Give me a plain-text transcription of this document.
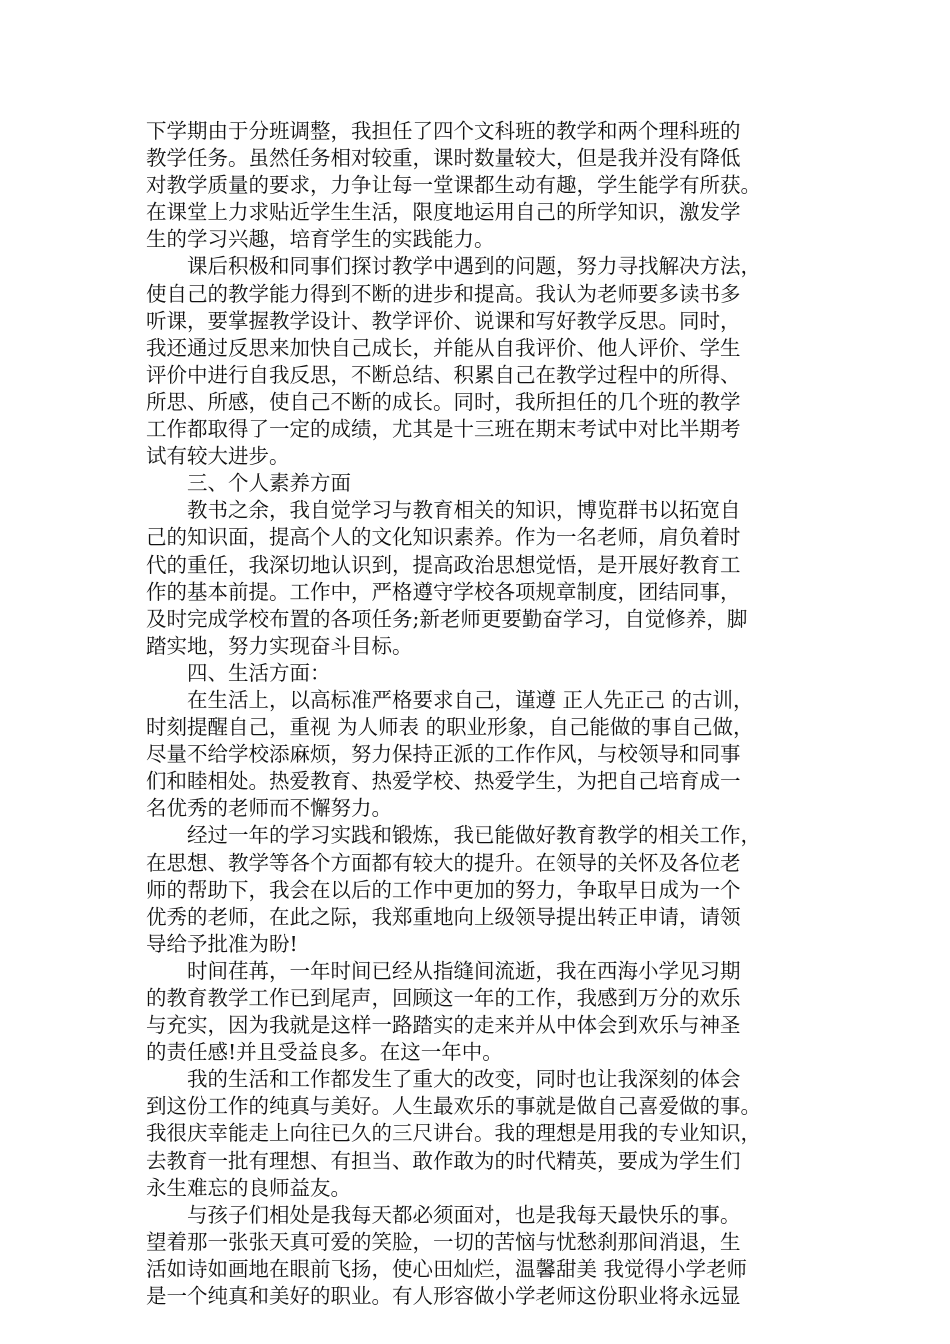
下学期由于分班调整，我担任了四个文科班的教学和两个理科班的
教学任务。虽然任务相对较重，课时数量较大，但是我并没有降低
对教学质量的要求，力争让每一堂课都生动有趣，学生能学有所获。
在课堂上力求贴近学生生活，限度地运用自己的所学知识，激发学
生的学习兴趣，培育学生的实践能力。
课后积极和同事们探讨教学中遇到的问题，努力寻找解决方法，
使自己的教学能力得到不断的进步和提高。我认为老师要多读书多
听课，要掌握教学设计、教学评价、说课和写好教学反思。同时，
我还通过反思来加快自己成长，并能从自我评价、他人评价、学生
评价中进行自我反思，不断总结、积累自己在教学过程中的所得、
所思、所感，使自己不断的成长。同时，我所担任的几个班的教学
工作都取得了一定的成绩，尤其是十三班在期末考试中对比半期考
试有较大进步。
三、个人素养方面
教书之余，我自觉学习与教育相关的知识，博览群书以拓宽自
己的知识面，提高个人的文化知识素养。作为一名老师，肩负着时
代的重任，我深切地认识到，提高政治思想觉悟，是开展好教育工
作的基本前提。工作中，严格遵守学校各项规章制度，团结同事，
及时完成学校布置的各项任务;新老师更要勤奋学习，自觉修养，脚
踏实地，努力实现奋斗目标。
四、生活方面：
在生活上，以高标准严格要求自己，谨遵 正人先正己 的古训，
时刻提醒自己，重视 为人师表 的职业形象，自己能做的事自己做，
尽量不给学校添麻烦，努力保持正派的工作作风，与校领导和同事
们和睦相处。热爱教育、热爱学校、热爱学生，为把自己培育成一
名优秀的老师而不懈努力。
经过一年的学习实践和锻炼，我已能做好教育教学的相关工作，
在思想、教学等各个方面都有较大的提升。在领导的关怀及各位老
师的帮助下，我会在以后的工作中更加的努力，争取早日成为一个
优秀的老师，在此之际，我郑重地向上级领导提出转正申请，请领
导给予批准为盼!
时间荏苒，一年时间已经从指缝间流逝，我在西海小学见习期
的教育教学工作已到尾声，回顾这一年的工作，我感到万分的欢乐
与充实，因为我就是这样一路踏实的走来并从中体会到欢乐与神圣
的责任感!并且受益良多。在这一年中。
我的生活和工作都发生了重大的改变，同时也让我深刻的体会
到这份工作的纯真与美好。人生最欢乐的事就是做自己喜爱做的事。
我很庆幸能走上向往已久的三尺讲台。我的理想是用我的专业知识，
去教育一批有理想、有担当、敢作敢为的时代精英，要成为学生们
永生难忘的良师益友。
与孩子们相处是我每天都必须面对，也是我每天最快乐的事。
望着那一张张天真可爱的笑脸，一切的苦恼与忧愁刹那间消退，生
活如诗如画地在眼前飞扬，使心田灿烂，温馨甜美 我觉得小学老师
是一个纯真和美好的职业。有人形容做小学老师这份职业将永远显
